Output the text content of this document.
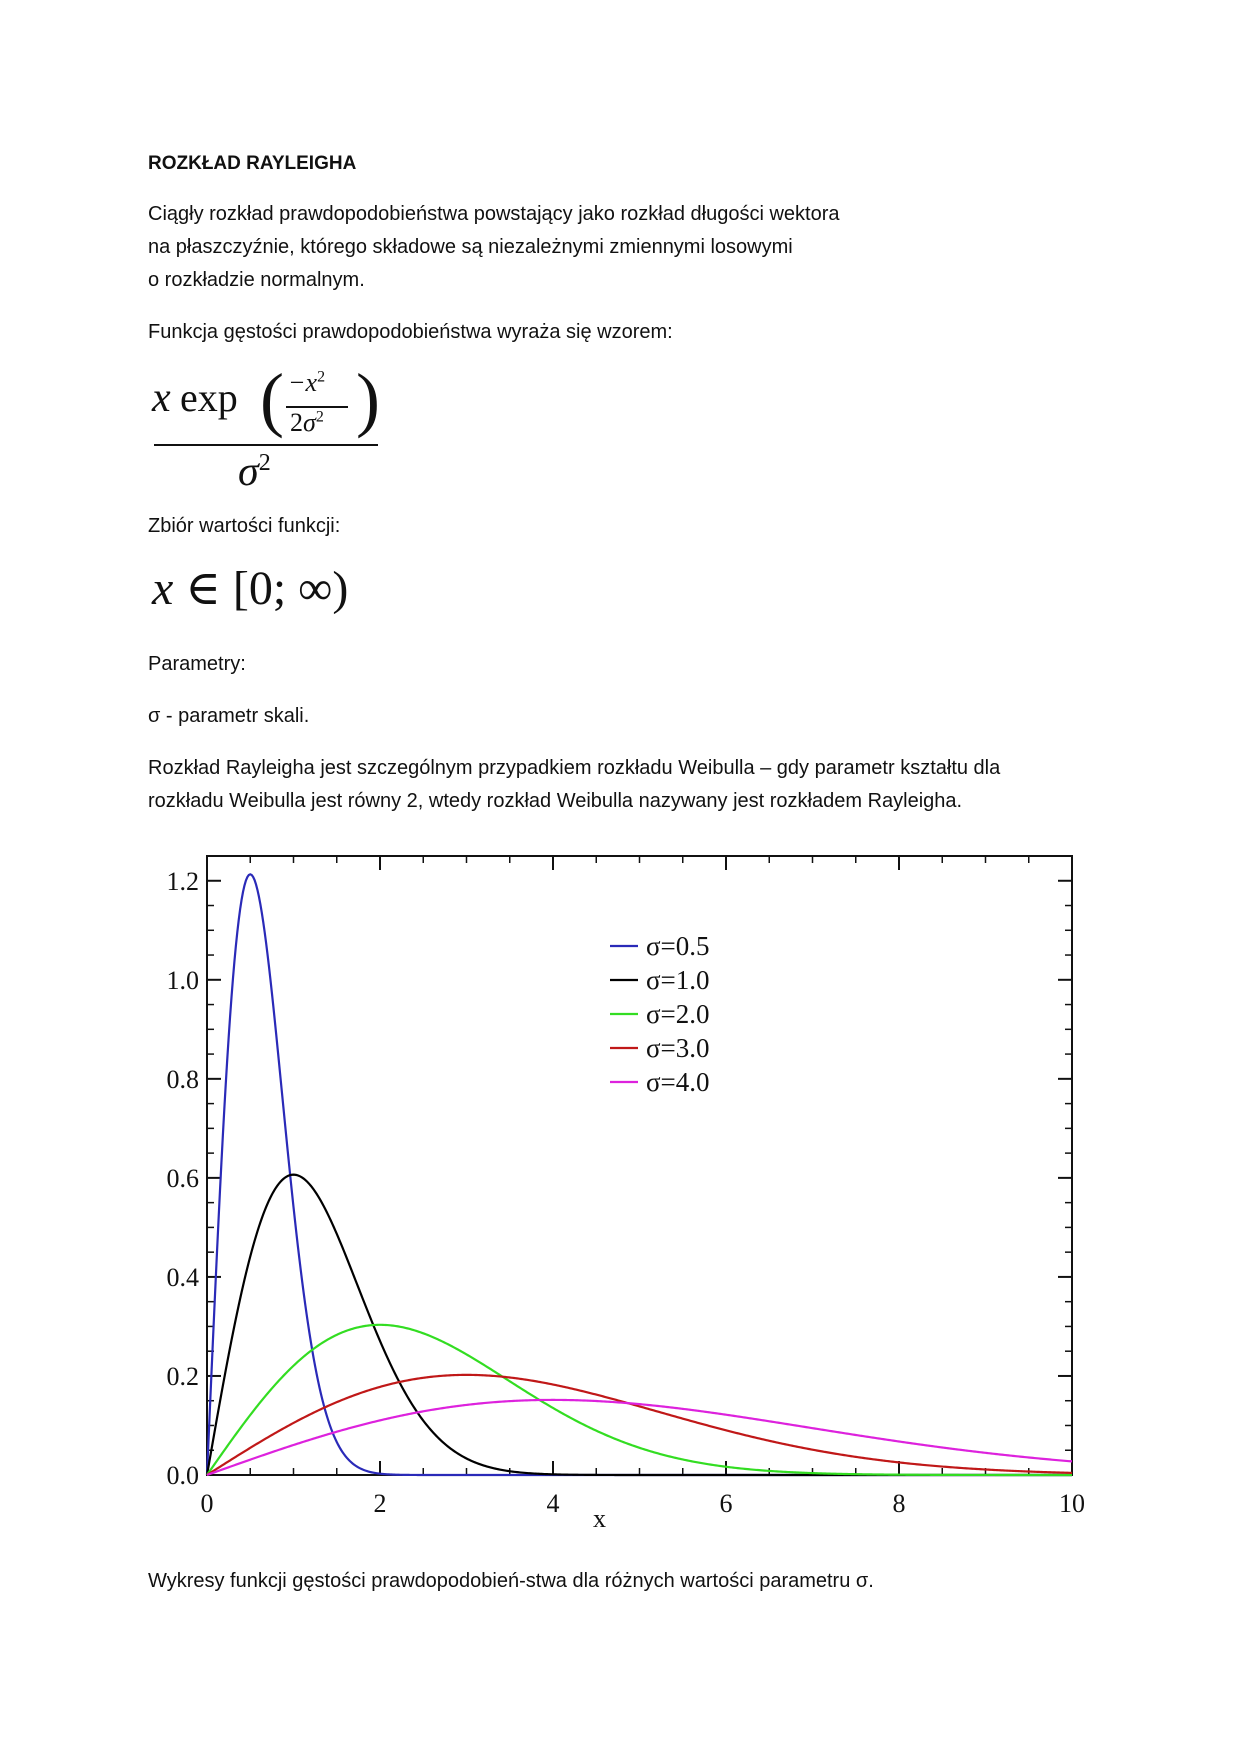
ROZKŁAD RAYLEIGHA
Ciągły rozkład prawdopodobieństwa powstający jako rozkład długości wektora
na płaszczyźnie, którego składowe są niezależnymi zmiennymi losowymi
o rozkładzie normalnym.
Funkcja gęstości prawdopodobieństwa wyraża się wzorem:
x exp ( $-x^2$
$2\sigma^2$ )
$\sigma^2$
Zbiór wartości funkcji:
x ∈ [0; ∞)
Parametry:
σ - parametr skali.
Rozkład Rayleigha jest szczególnym przypadkiem rozkładu Weibulla – gdy parametr kształtu dla
rozkładu Weibulla jest równy 2, wtedy rozkład Weibulla nazywany jest rozkładem Rayleigha.
0	2	4	6	8	10
0.0
0.2
0.4
0.6
0.8
1.0
1.2
x
σ=0.5
σ=1.0
σ=2.0
σ=3.0
σ=4.0
Wykresy funkcji gęstości prawdopodobień-stwa dla różnych wartości parametru σ.
